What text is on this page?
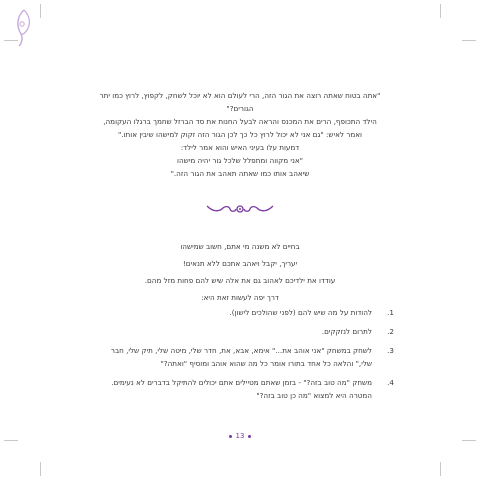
"אתה בטוח שאתה רוצה את הגור הזה, הרי לעולם הוא לא יוכל לשחק, לקפוץ, לרוץ כמו יתר
הגורים?"
הילד התכופף, הרים את המכנס והראה לבעל החנות את סד הברזל שחמך ברגלו העקומה,
ואמר לאיש: "גם אני לא יכול לרוץ כל כך לכן הגור הזה זקוק למישהו שיבין אותו."
דמעות עלו בעיני האיש והוא אמר לילד:
"אני מקווה ומתפלל שלכל גור יהיה מישהו
שיאהב אותו כמו שאתה תאהב את הגור הזה."
בחיים לא משנה מי אתם, חשוב שמישהו
יעריך, יקבל ויאהב אתכם ללא תנאים!
עודדו את ילדיכם לאהוב גם את אלה שיש להם פחות מזל מהם.
דרך יפה לעשות זאת היא:
1.
להודות על מה שיש להם (לפני שהולכים לישון).
2.
לתרום לנזקקים.
3.
לשחק במשחק "אני אוהב את..." אימא, אבא, את, חדר שלי, מיטה שלי, תיק שלי, חבר
שלי," והלאה כל אחד בתורו אומר כל מה שהוא אוהב ומוסיף "ואתה?"
4.
משחק "מה טוב בזה?" - בזמן שאתם מטיילים אתם יכולים להתיקל בדברים לא נעימים.
המטרה היא למצוא "מה כן טוב בזה?"
13
